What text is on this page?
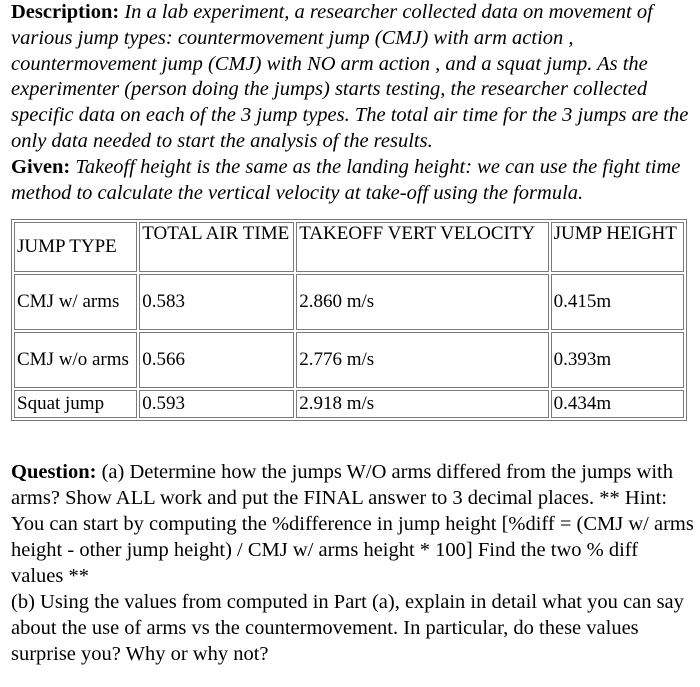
Description: In a lab experiment, a researcher collected data on movement of various jump types: countermovement jump (CMJ) with arm action , countermovement jump (CMJ) with NO arm action , and a squat jump. As the experimenter (person doing the jumps) starts testing, the researcher collected specific data on each of the 3 jump types. The total air time for the 3 jumps are the only data needed to start the analysis of the results.

Given: Takeoff height is the same as the landing height: we can use the fight time method to calculate the vertical velocity at take-off using the formula.

JUMP TYPE	TOTAL AIR TIME	TAKEOFF VERT VELOCITY	JUMP HEIGHT
CMJ w/ arms	0.583	2.860 m/s	0.415m
CMJ w/o arms	0.566	2.776 m/s	0.393m
Squat jump	0.593	2.918 m/s	0.434m

Question: (a) Determine how the jumps W/O arms differed from the jumps with arms? Show ALL work and put the FINAL answer to 3 decimal places. ** Hint: You can start by computing the %difference in jump height [%diff = (CMJ w/ arms height - other jump height) / CMJ w/ arms height * 100] Find the two % diff values **

(b) Using the values from computed in Part (a), explain in detail what you can say about the use of arms vs the countermovement. In particular, do these values surprise you? Why or why not?
